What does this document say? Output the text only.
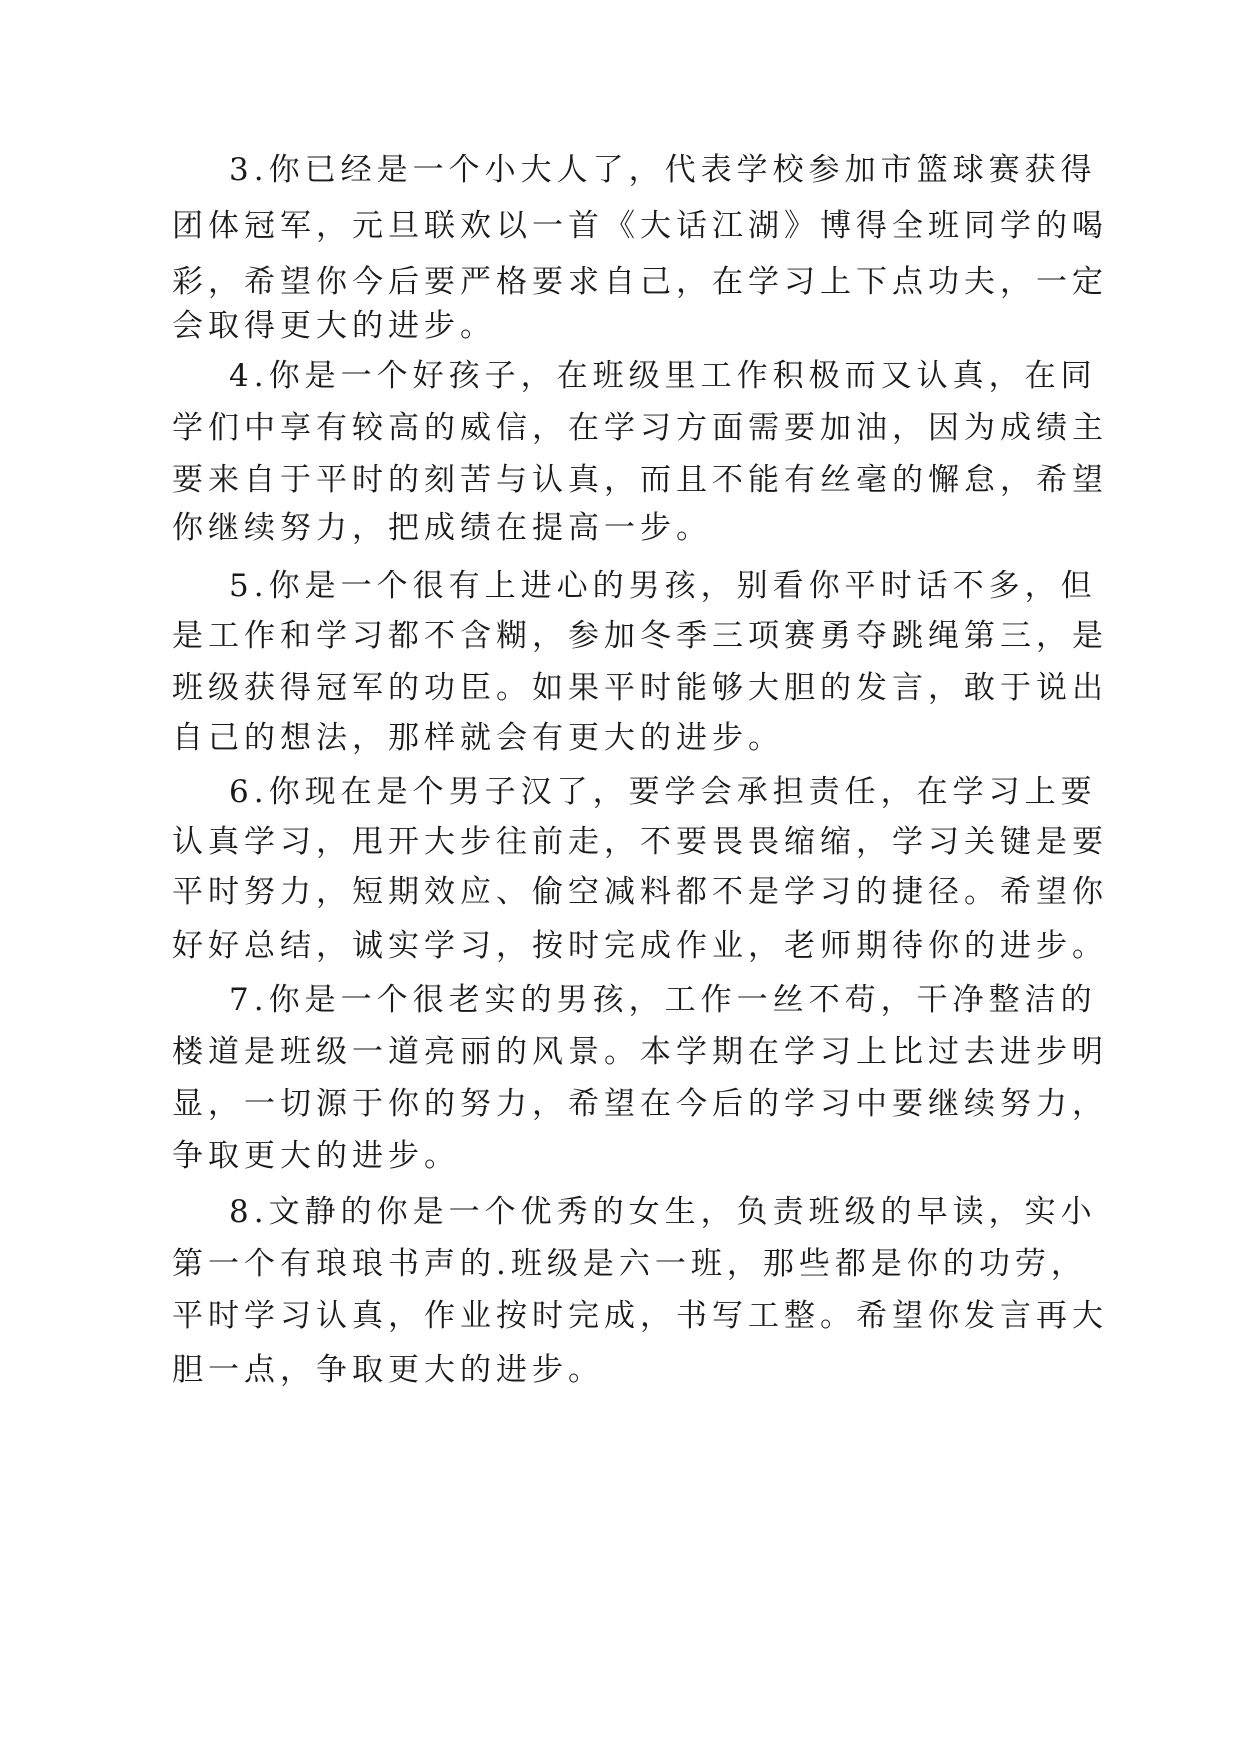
3.你已经是一个小大人了，代表学校参加市篮球赛获得
团体冠军，元旦联欢以一首《大话江湖》博得全班同学的喝
彩，希望你今后要严格要求自己，在学习上下点功夫，一定
会取得更大的进步。
4.你是一个好孩子，在班级里工作积极而又认真，在同
学们中享有较高的威信，在学习方面需要加油，因为成绩主
要来自于平时的刻苦与认真，而且不能有丝毫的懈怠，希望
你继续努力，把成绩在提高一步。
5.你是一个很有上进心的男孩，别看你平时话不多，但
是工作和学习都不含糊，参加冬季三项赛勇夺跳绳第三，是
班级获得冠军的功臣。如果平时能够大胆的发言，敢于说出
自己的想法，那样就会有更大的进步。
6.你现在是个男子汉了，要学会承担责任，在学习上要
认真学习，甩开大步往前走，不要畏畏缩缩，学习关键是要
平时努力，短期效应、偷空减料都不是学习的捷径。希望你
好好总结，诚实学习，按时完成作业，老师期待你的进步。
7.你是一个很老实的男孩，工作一丝不苟，干净整洁的
楼道是班级一道亮丽的风景。本学期在学习上比过去进步明
显，一切源于你的努力，希望在今后的学习中要继续努力，
争取更大的进步。
8.文静的你是一个优秀的女生，负责班级的早读，实小
第一个有琅琅书声的.班级是六一班，那些都是你的功劳，
平时学习认真，作业按时完成，书写工整。希望你发言再大
胆一点，争取更大的进步。
